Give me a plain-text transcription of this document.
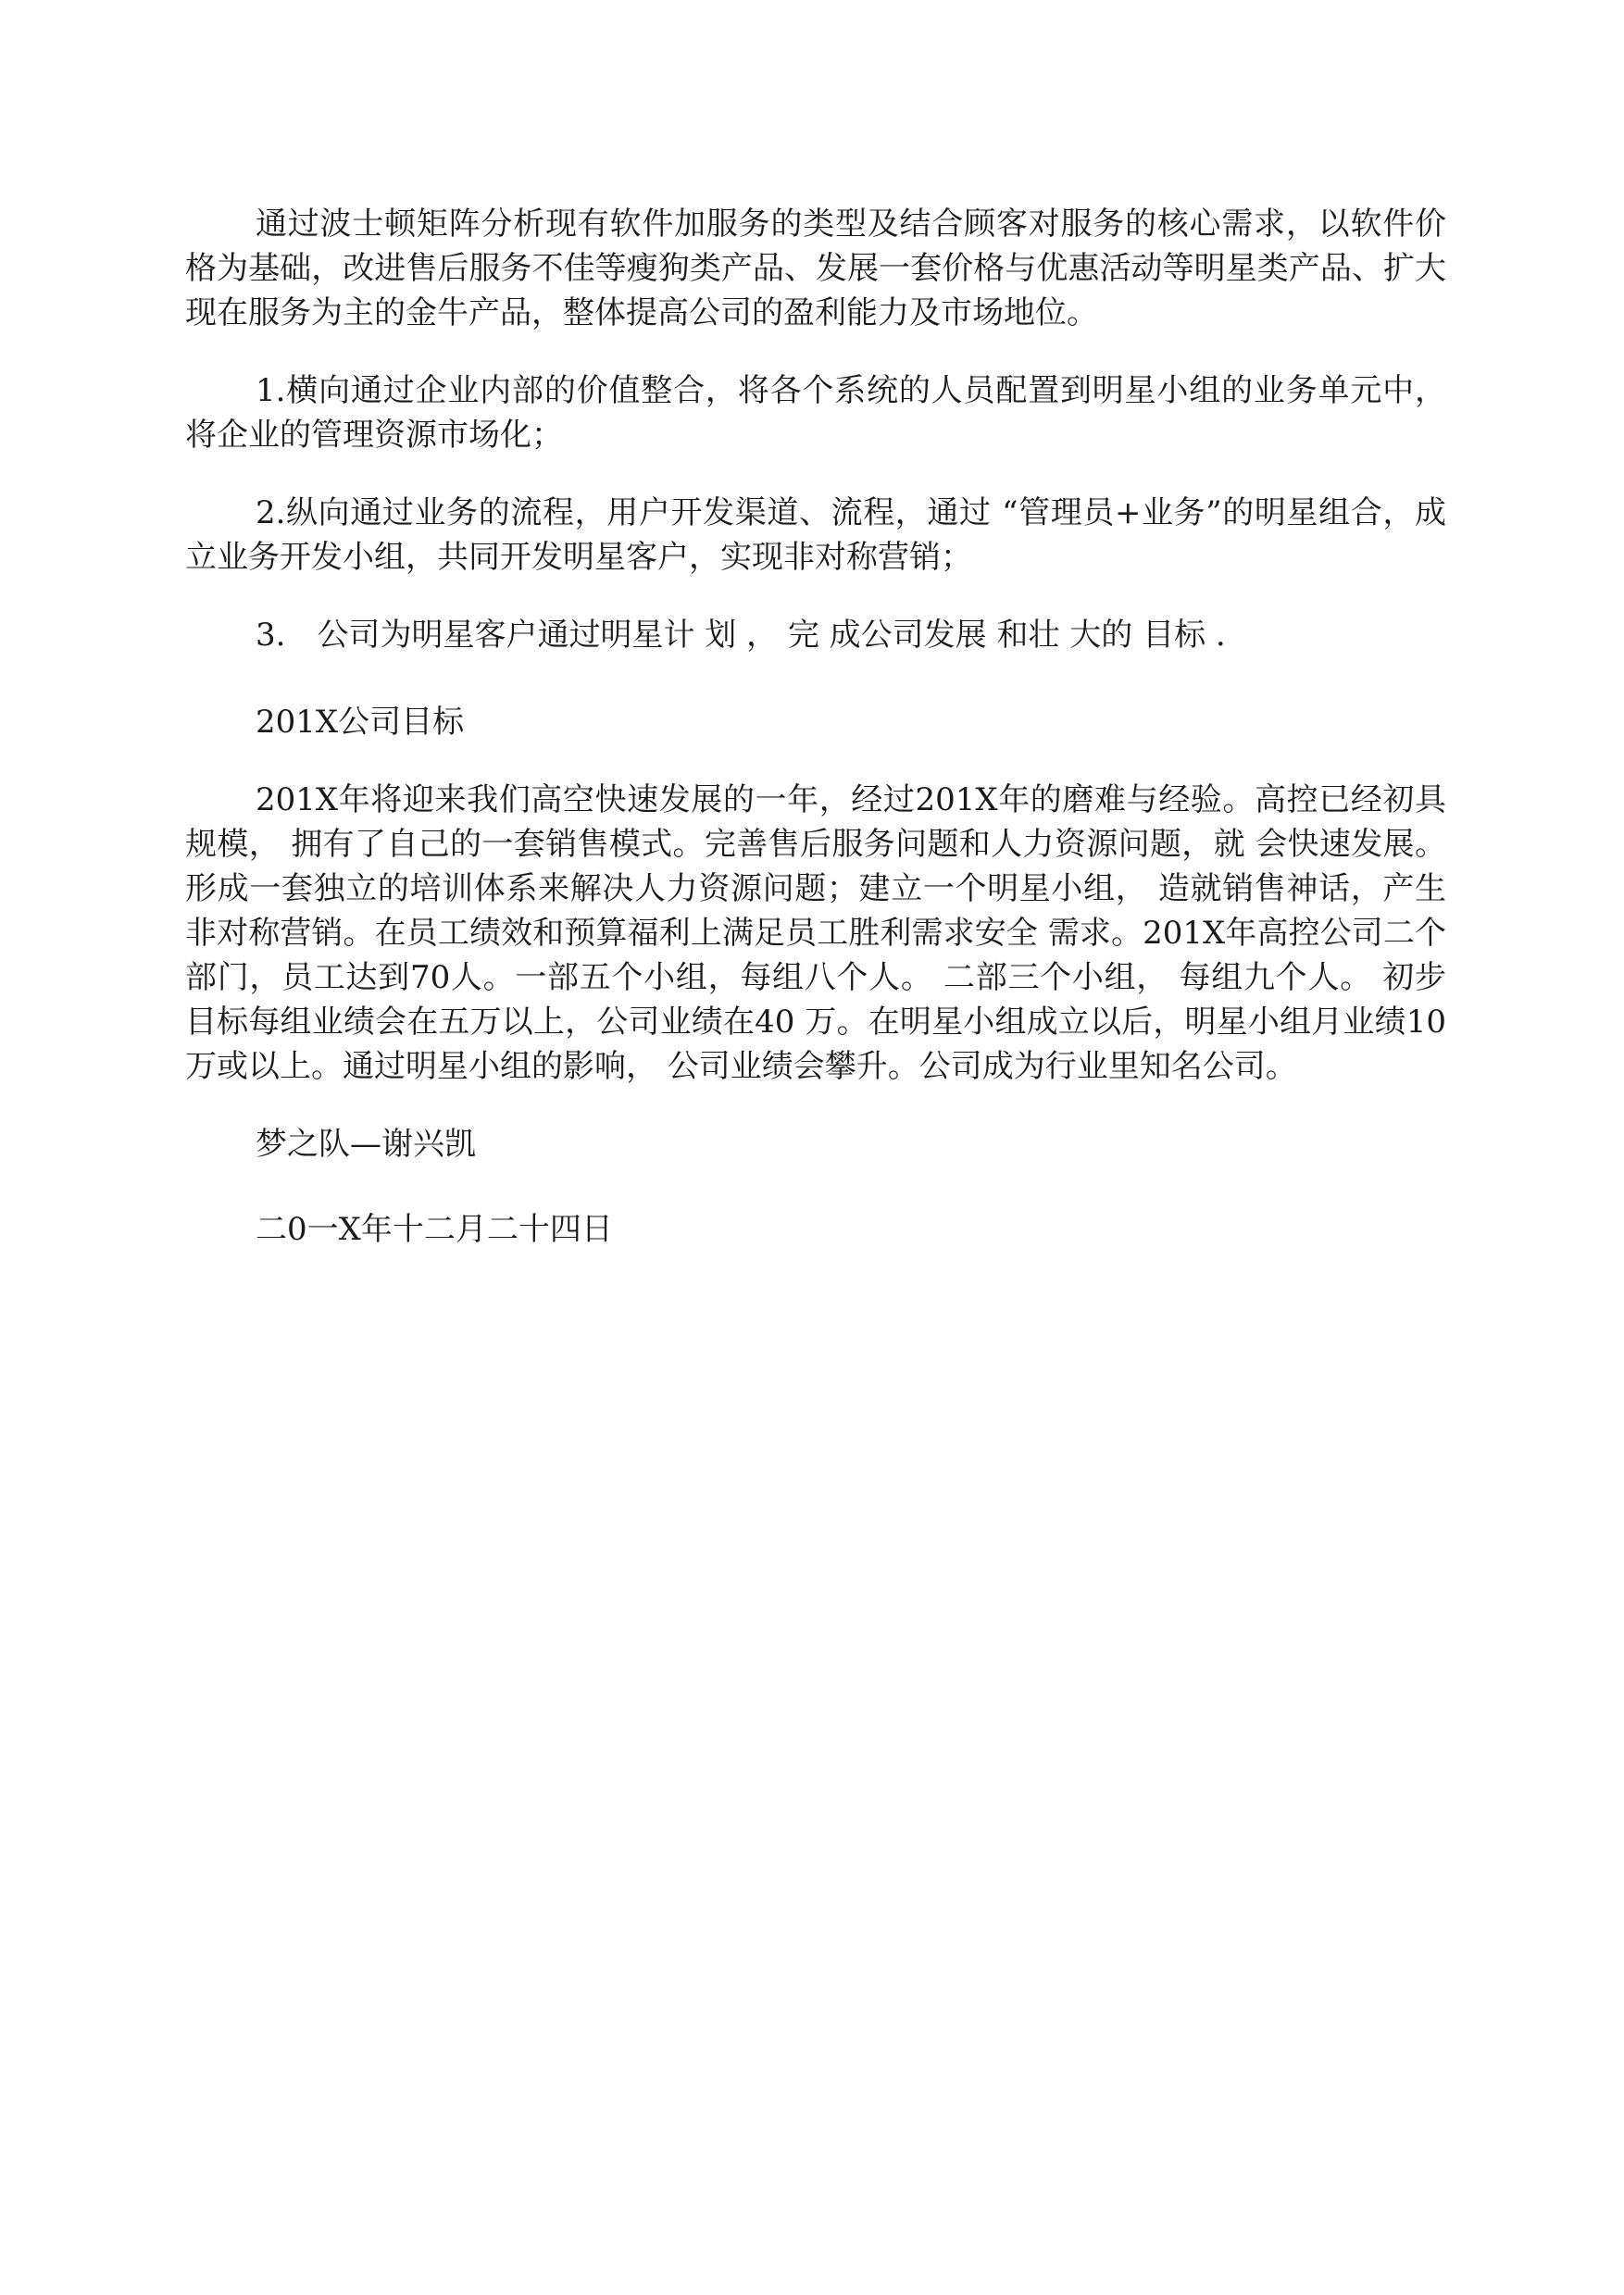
通过波士顿矩阵分析现有软件加服务的类型及结合顾客对服务的核心需求，以软件价格为基础，改进售后服务不佳等瘦狗类产品、发展一套价格与优惠活动等明星类产品、扩大现在服务为主的金牛产品，整体提高公司的盈利能力及市场地位。

1.横向通过企业内部的价值整合，将各个系统的人员配置到明星小组的业务单元中，将企业的管理资源市场化；

2.纵向通过业务的流程，用户开发渠道、流程，通过 “管理员+业务”的明星组合，成立业务开发小组，共同开发明星客户，实现非对称营销；

3.　公司为明星客户通过明星计 划 ， 完 成公司发展 和壮 大的 目标 .

201X公司目标

201X年将迎来我们高空快速发展的一年，经过201X年的磨难与经验。高控已经初具规模， 拥有了自己的一套销售模式。完善售后服务问题和人力资源问题，就 会快速发展。 形成一套独立的培训体系来解决人力资源问题；建立一个明星小组， 造就销售神话，产生非对称营销。在员工绩效和预算福利上满足员工胜利需求安全 需求。201X年高控公司二个部门，员工达到70人。一部五个小组，每组八个人。 二部三个小组， 每组九个人。 初步目标每组业绩会在五万以上，公司业绩在40 万。在明星小组成立以后，明星小组月业绩10万或以上。通过明星小组的影响， 公司业绩会攀升。公司成为行业里知名公司。

梦之队—谢兴凯

二0一X年十二月二十四日
